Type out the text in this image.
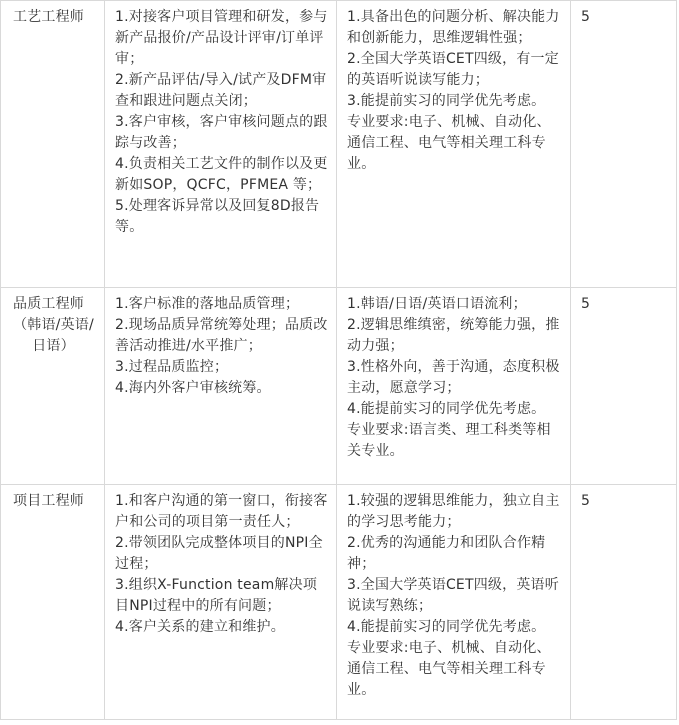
工艺工程师	1.对接客户项目管理和研发，参与新产品报价/产品设计评审/订单评审；
2.新产品评估/导入/试产及DFM审查和跟进问题点关闭；
3.客户审核，客户审核问题点的跟踪与改善；
4.负责相关工艺文件的制作以及更新如SOP，QCFC，PFMEA 等；
5.处理客诉异常以及回复8D报告等。	1.具备出色的问题分析、解决能力和创新能力，思维逻辑性强；
2.全国大学英语CET四级，有一定的英语听说读写能力；
3.能提前实习的同学优先考虑。
专业要求:电子、机械、自动化、通信工程、电气等相关理工科专业。	5

品质工程师
（韩语/英语/日语）	1.客户标准的落地品质管理；
2.现场品质异常统筹处理；品质改善活动推进/水平推广；
3.过程品质监控；
4.海内外客户审核统筹。	1.韩语/日语/英语口语流利；
2.逻辑思维缜密，统筹能力强，推动力强；
3.性格外向，善于沟通，态度积极主动，愿意学习；
4.能提前实习的同学优先考虑。
专业要求:语言类、理工科类等相关专业。	5

项目工程师	1.和客户沟通的第一窗口，衔接客户和公司的项目第一责任人；
2.带领团队完成整体项目的NPI全过程；
3.组织X-Function team解决项目NPI过程中的所有问题；
4.客户关系的建立和维护。	1.较强的逻辑思维能力，独立自主的学习思考能力；
2.优秀的沟通能力和团队合作精神；
3.全国大学英语CET四级，英语听说读写熟练；
4.能提前实习的同学优先考虑。
专业要求:电子、机械、自动化、通信工程、电气等相关理工科专业。	5
